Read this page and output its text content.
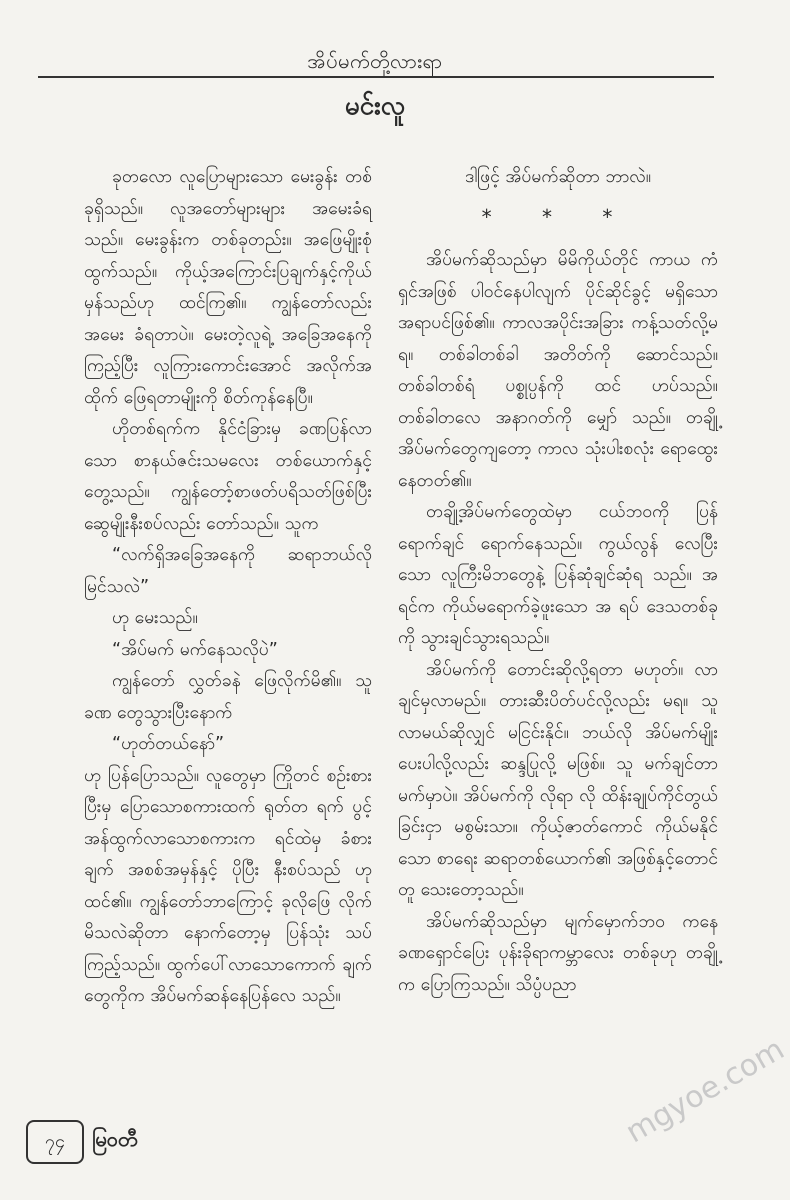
အိပ်မက်တို့လားရာ
မင်းလူ

ခုတလော လူပြောများသော မေးခွန်း တစ်ခုရှိသည်။ လူအတော်များများ အမေးခံရ သည်။ မေးခွန်းက တစ်ခုတည်း။ အဖြေမျိုးစုံ ထွက်သည်။ ကိုယ့်အကြောင်းပြချက်နှင့်ကိုယ် မှန်သည်ဟု ထင်ကြ၏။ ကျွန်တော်လည်း အမေး ခံရတာပဲ။ မေးတဲ့လူရဲ့ အခြေအနေကို ကြည့်ပြီး လူကြားကောင်းအောင် အလိုက်အ ထိုက် ဖြေရတာမျိုးကို စိတ်ကုန်နေပြီ။

ဟိုတစ်ရက်က နိုင်ငံခြားမှ ခဏပြန်လာ သော စာနယ်ဇင်းသမလေး တစ်ယောက်နှင့် တွေ့သည်။ ကျွန်တော့်စာဖတ်ပရိသတ်ဖြစ်ပြီး ဆွေမျိုးနီးစပ်လည်း တော်သည်။ သူက

“လက်ရှိအခြေအနေကို ဆရာဘယ်လို မြင်သလဲ”

ဟု မေးသည်။

“အိပ်မက် မက်နေသလိုပဲ”

ကျွန်တော် လွှတ်ခနဲ ဖြေလိုက်မိ၏။ သူ ခဏ တွေသွားပြီးနောက်

“ဟုတ်တယ်နော်”

ဟု ပြန်ပြောသည်။ လူတွေမှာ ကြိုတင် စဉ်းစားပြီးမှ ပြောသောစကားထက် ရုတ်တ ရက် ပွင့်အန်ထွက်လာသောစကားက ရင်ထဲမှ ခံစားချက် အစစ်အမှန်နှင့် ပိုပြီး နီးစပ်သည် ဟု ထင်၏။ ကျွန်တော်ဘာကြောင့် ခုလိုဖြေ လိုက်မိသလဲဆိုတာ နောက်တော့မှ ပြန်သုံး သပ်ကြည့်သည်။ ထွက်ပေါ်လာသောကောက် ချက်တွေကိုက အိပ်မက်ဆန်နေပြန်လေ သည်။

ဒါဖြင့် အိပ်မက်ဆိုတာ ဘာလဲ။

* * *

အိပ်မက်ဆိုသည်မှာ မိမိကိုယ်တိုင် ကာယ ကံရှင်အဖြစ် ပါဝင်နေပါလျက် ပိုင်ဆိုင်ခွင့် မရှိသောအရာပင်ဖြစ်၏။ ကာလအပိုင်းအခြား ကန့်သတ်လို့မရ။ တစ်ခါတစ်ခါ အတိတ်ကို ဆောင်သည်။ တစ်ခါတစ်ရံ ပစ္စုပ္ပန်ကို ထင် ဟပ်သည်။ တစ်ခါတလေ အနာဂတ်ကို မျှော် သည်။ တချို့အိပ်မက်တွေကျတော့ ကာလ သုံးပါးစလုံး ရောထွေးနေတတ်၏။

တချို့အိပ်မက်တွေထဲမှာ ငယ်ဘဝကို ပြန်ရောက်ချင် ရောက်နေသည်။ ကွယ်လွန် လေပြီးသော လူကြီးမိဘတွေနဲ့ ပြန်ဆုံချင်ဆုံရ သည်။ အရင်က ကိုယ်မရောက်ခဲ့ဖူးသော အ ရပ် ဒေသတစ်ခုကို သွားချင်သွားရသည်။

အိပ်မက်ကို တောင်းဆိုလို့ရတာ မဟုတ်။ လာချင်မှလာမည်။ တားဆီးပိတ်ပင်လို့လည်း မရ။ သူလာမယ်ဆိုလျှင် မငြင်းနိုင်။ ဘယ်လို အိပ်မက်မျိုးပေးပါလို့လည်း ဆန္ဒပြုလို့ မဖြစ်။ သူ မက်ချင်တာ မက်မှာပဲ။ အိပ်မက်ကို လိုရာ လို ထိန်းချုပ်ကိုင်တွယ်ခြင်းငှာ မစွမ်းသာ။ ကိုယ့်ဇာတ်ကောင် ကိုယ်မနိုင်သော စာရေး ဆရာတစ်ယောက်၏ အဖြစ်နှင့်တောင် တူ သေးတော့သည်။

အိပ်မက်ဆိုသည်မှာ မျက်မှောက်ဘဝ ကနေ ခဏရှောင်ပြေး ပုန်းခိုရာကမ္ဘာလေး တစ်ခုဟု တချို့က ပြောကြသည်။ သိပ္ပံပညာ

၇၄	မြဝတီ	mgyoe.com
